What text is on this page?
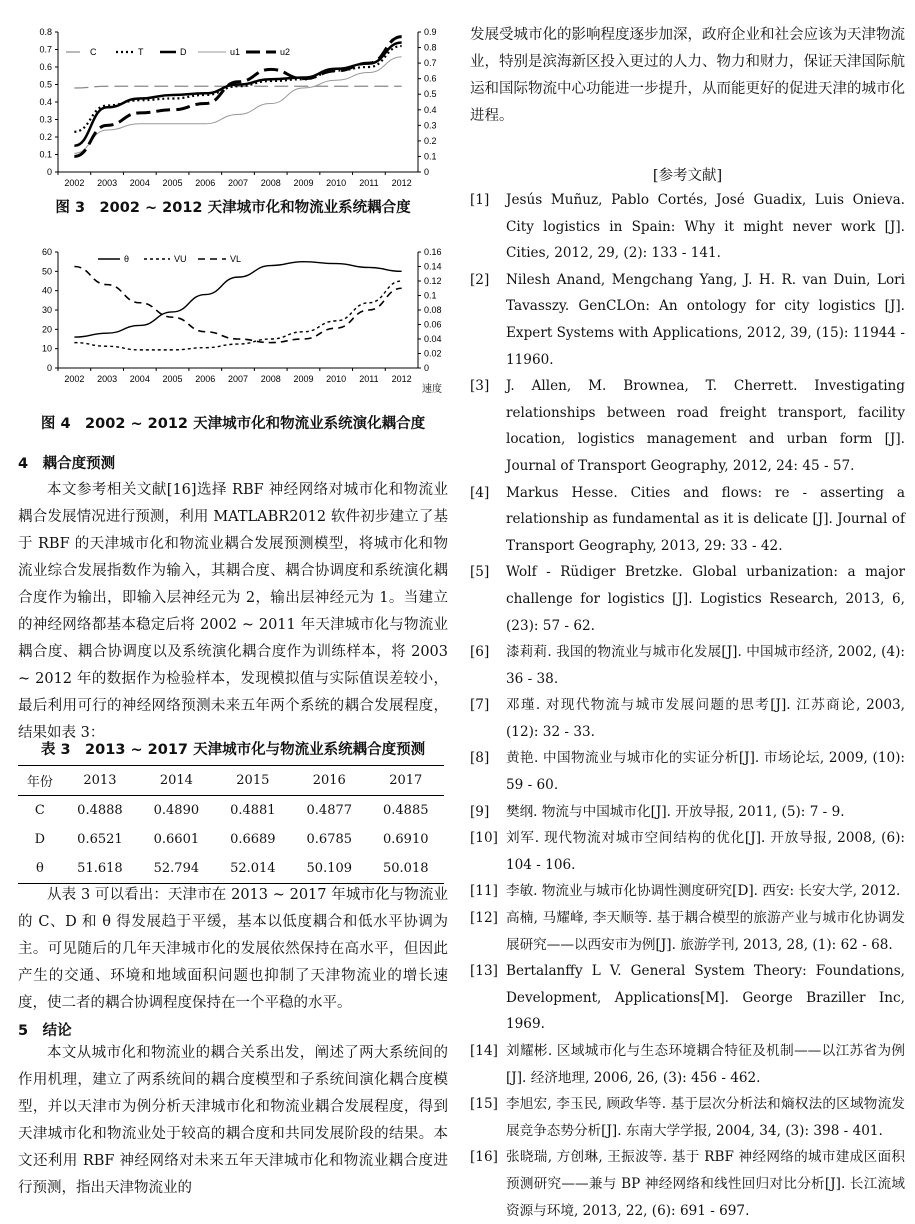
0
0.1
0.2
0.3
0.4
0.5
0.6
0.7
0.8
0
0.1
0.2
0.3
0.4
0.5
0.6
0.7
0.8
0.9
2002 2003 2004 2005 2006 2007 2008 2009 2010 2011 2012
C	T	D	u1	u2
图 3　2002 ~ 2012 天津城市化和物流业系统耦合度
0
10
20
30
40
50
60
0
0.02
0.04
0.06
0.08
0.1
0.12
0.14
0.16
2002 2003 2004 2005 2006 2007 2008 2009 2010 2011 2012
θ	VU	VL
速度
图 4　2002 ~ 2012 天津城市化和物流业系统演化耦合度

4　耦合度预测

本文参考相关文献[16]选择 RBF 神经网络对城市化和物流业耦合发展情况进行预测，利用 MATLABR2012 软件初步建立了基于 RBF 的天津城市化和物流业耦合发展预测模型，将城市化和物流业综合发展指数作为输入，其耦合度、耦合协调度和系统演化耦合度作为输出，即输入层神经元为 2，输出层神经元为 1。当建立的神经网络都基本稳定后将 2002 ~ 2011 年天津城市化与物流业耦合度、耦合协调度以及系统演化耦合度作为训练样本，将 2003 ~ 2012 年的数据作为检验样本，发现模拟值与实际值误差较小，最后利用可行的神经网络预测未来五年两个系统的耦合发展程度，结果如表 3：

表 3　2013 ~ 2017 天津城市化与物流业系统耦合度预测
年份	2013	2014	2015	2016	2017
C	0.4888	0.4890	0.4881	0.4877	0.4885
D	0.6521	0.6601	0.6689	0.6785	0.6910
θ	51.618	52.794	52.014	50.109	50.018

从表 3 可以看出：天津市在 2013 ~ 2017 年城市化与物流业的 C、D 和 θ 得发展趋于平缓，基本以低度耦合和低水平协调为主。可见随后的几年天津城市化的发展依然保持在高水平，但因此产生的交通、环境和地域面积问题也抑制了天津物流业的增长速度，使二者的耦合协调程度保持在一个平稳的水平。

5　结论

本文从城市化和物流业的耦合关系出发，阐述了两大系统间的作用机理，建立了两系统间的耦合度模型和子系统间演化耦合度模型，并以天津市为例分析天津城市化和物流业耦合发展程度，得到天津城市化和物流业处于较高的耦合度和共同发展阶段的结果。本文还利用 RBF 神经网络对未来五年天津城市化和物流业耦合度进行预测，指出天津物流业的

发展受城市化的影响程度逐步加深，政府企业和社会应该为天津物流业，特别是滨海新区投入更过的人力、物力和财力，保证天津国际航运和国际物流中心功能进一步提升，从而能更好的促进天津的城市化进程。

[参考文献]

[1]	Jesús Muñuz, Pablo Cortés, José Guadix, Luis Onieva. City logistics in Spain: Why it might never work [J]. Cities, 2012, 29, (2): 133 - 141.
[2]	Nilesh Anand, Mengchang Yang, J. H. R. van Duin, Lori Tavasszy. GenCLOn: An ontology for city logistics [J]. Expert Systems with Applications, 2012, 39, (15): 11944 - 11960.
[3]	J. Allen, M. Brownea, T. Cherrett. Investigating relationships between road freight transport, facility location, logistics management and urban form [J]. Journal of Transport Geography, 2012, 24: 45 - 57.
[4]	Markus Hesse. Cities and flows: re - asserting a relationship as fundamental as it is delicate [J]. Journal of Transport Geography, 2013, 29: 33 - 42.
[5]	Wolf - Rüdiger Bretzke. Global urbanization: a major challenge for logistics [J]. Logistics Research, 2013, 6, (23): 57 - 62.
[6]	漆莉莉. 我国的物流业与城市化发展[J]. 中国城市经济, 2002, (4): 36 - 38.
[7]	邓瑾. 对现代物流与城市发展问题的思考[J]. 江苏商论, 2003, (12): 32 - 33.
[8]	黄艳. 中国物流业与城市化的实证分析[J]. 市场论坛, 2009, (10): 59 - 60.
[9]	樊纲. 物流与中国城市化[J]. 开放导报, 2011, (5): 7 - 9.
[10] 刘军. 现代物流对城市空间结构的优化[J]. 开放导报, 2008, (6): 104 - 106.
[11] 李敏. 物流业与城市化协调性测度研究[D]. 西安: 长安大学, 2012.
[12] 高楠, 马耀峰, 李天顺等. 基于耦合模型的旅游产业与城市化协调发展研究——以西安市为例[J]. 旅游学刊, 2013, 28, (1): 62 - 68.
[13] Bertalanffy L V. General System Theory: Foundations, Development, Applications[M]. George Braziller Inc, 1969.
[14] 刘耀彬. 区域城市化与生态环境耦合特征及机制——以江苏省为例[J]. 经济地理, 2006, 26, (3): 456 - 462.
[15] 李旭宏, 李玉民, 顾政华等. 基于层次分析法和熵权法的区域物流发展竞争态势分析[J]. 东南大学学报, 2004, 34, (3): 398 - 401.
[16] 张晓瑞, 方创琳, 王振波等. 基于 RBF 神经网络的城市建成区面积预测研究——兼与 BP 神经网络和线性回归对比分析[J]. 长江流域资源与环境, 2013, 22, (6): 691 - 697.
